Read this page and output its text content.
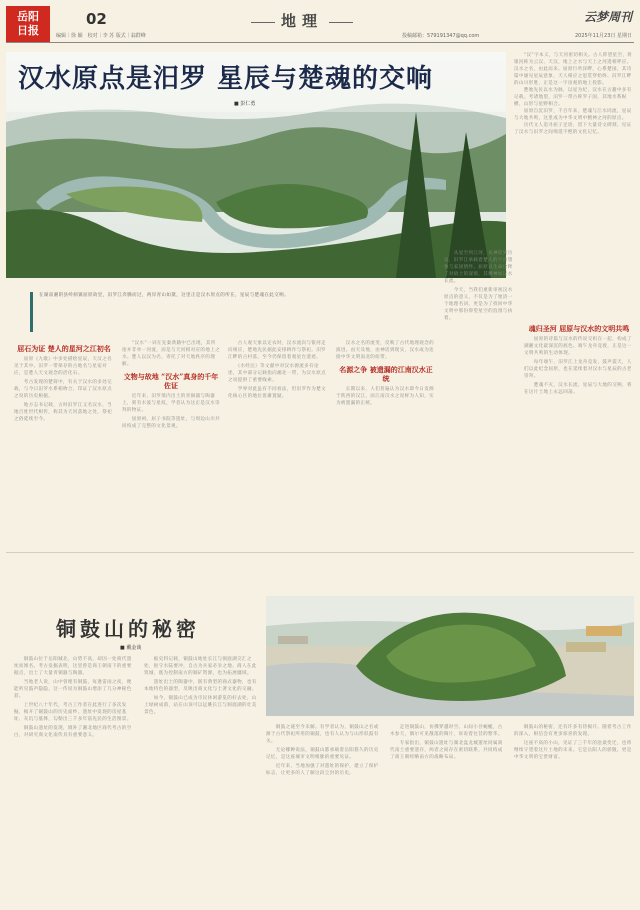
岳阳
日报
02
编辑｜徐 颖　校对｜李 苏 版式｜翁群峰
地理	云梦周刊
投稿邮箱：579191347@qq.com	2025年11月23日 星期日
汉水原点是汨罗 星辰与楚魂的交响
■ 彭仁勇
　　“汉”字本义，与天河密切相关。古人仰望星空，将银河称为云汉、天汉，地上之水与天上之河遥相呼应。汉水之名，由此而来。屈原行吟泽畔，心系楚国，其诗篇中屡见星辰意象，天人相应之思贯穿始终。汨罗江畔的山川形胜，正是这一宇宙观的地上投影。
　　楚地先民以水为脉，以星为纪，汉水在古籍中多有记载。考诸地望，汨罗一带古称罗子国，其地水系纵横，山形与星野相合。
　　屈原自沉汨罗，千百年来，楚魂与江水同流，星辰与大地共鸣，这里成为中华文明中精神之河的原点。
　　历代文人追寻屈子足迹，留下大量诗文碑刻，见证了汉水与汨罗之间绵延不绝的文化记忆。
在湖南湘阴县岭洞镇屈原故里，汨罗江奔腾而过，两岸青山如黛，这里正是汉水原点的所在，星辰与楚魂在此交响。
屈石为证 楚人的星河之江初名
　　屈原《九歌》中多处描绘星辰，天汉之名见于其中。汨罗一带保存的古地名与星宿对应，是楚人天文观念的活化石。
　　考古发现的楚简中，有关于汉水的多处记载，与今日汨罗水系相吻合，印证了汉水原点之说的历史根据。
　　地方志书记载，古时汨罗江又名汉水，当地百姓世代相传，称其为天河落地之处，祭祀之俗延续至今。
　　“汉水”一词在先秦典籍中已出现，其所指并非单一河流，而是与天河相对应的地上之水。楚人以汉为名，寄托了对天地秩序的理解。
文物与故地 “汉水”真身的千年佐证
　　近年来，汨罗境内出土的青铜器与陶器上，刻有水波与星纹，学者认为这正是汉水崇拜的物证。
　　屈原祠、屈子书院等遗址，与周边山川共同构成了完整的文化景观。
　　古人观天象以定农时，汉水流向与银河走向相应，楚地先民据此安排耕作与祭祀。汨罗江畔的古村落，至今仍保留着观星台遗迹。
　　《水经注》等文献中对汉水源流多有论述，其中部分记载指向湘北一带，为汉水原点之说提供了重要线索。
　　学界对此虽有不同看法，但汨罗作为楚文化核心区的地位毋庸置疑。
　　汉水之名的流变，反映了古代地理观念的演进。由天及地，由神话到现实，汉水成为连接中华文明南北的纽带。
名源之争 被遗漏的江南汉水正统
　　长期以来，人们普遍认为汉水即今日发源于陕西的汉江，而江南汉水之说鲜为人知，实为被遗漏的正统。
　　从星空到江河，从神话到历史，汨罗江承载着楚人的宇宙想象与家国情怀。屈原以生命诠释了对故土的深情，其精神如汉水长流。
　　今天，当我们重新审视汉水原点的意义，不仅是为了厘清一个地理名词，更是为了找回中华文明中那份仰望星空的浪漫与执着。
魂归圣河 屈原与汉水的文明共鸣
　　屈原的诗篇与汉水的传说交织在一起，构成了湖湘文化最深沉的底色。端午龙舟竞渡，正是这一文明共鸣的生动体现。
　　每年端午，汨罗江上龙舟竞发，鼓声震天，人们以此纪念屈原，也在延续着对汉水与星辰的古老崇拜。
　　楚魂不灭，汉水长流，星辰与大地的交响，将在这片土地上永远回荡。
铜鼓山的秘密
■ 戴金谈
　　铜鼓山位于岳阳城北，山势不高，却因一处商代遗址而闻名。考古发掘表明，这里曾是商王朝南下的重要据点，出土了大量青铜器与陶器。
　　当地老人说，山中曾埋有铜鼓，每逢雷雨之夜，便能听见鼓声隐隐。这一传说为铜鼓山增添了几分神秘色彩。
　　上世纪八十年代，考古工作者在此进行了多次发掘，揭开了铜鼓山的历史面纱。遗址中发现的房屋基址、灰坑与墓葬，勾勒出三千多年前先民的生活图景。
　　铜鼓山遗址的发现，填补了湘北地区商代考古的空白，对研究商文化南传具有重要意义。
　　据史料记载，铜鼓山地处长江与洞庭湖交汇之处，扼守水陆要冲，自古为兵家必争之地。商人在此筑城，既为控制南方的铜矿资源，也为拓展疆域。
　　遗址出土的陶器中，既有典型的商式器物，也有本地特色的器型，反映出商文化与土著文化的交融。
　　如今，铜鼓山已成为市民休闲游览的好去处，山上绿树成荫，站在山顶可以远眺长江与洞庭湖的壮美景色。
　　铜鼓之谜至今未解。有学者认为，铜鼓山之名或源于古代祭祀所用的铜鼓，也有人认为与山形似鼓有关。
　　无论哪种说法，铜鼓山都承载着岳阳悠久的历史记忆，是这座城市文明根脉的重要见证。
　　近年来，当地加强了对遗址的保护，建立了保护标志，让更多的人了解这段尘封的历史。
　　走进铜鼓山，仿佛穿越时空。山间小径蜿蜒，古木参天，偶尔可见散落的陶片，诉说着往昔的繁华。
　　专家指出，铜鼓山遗址与湖北盘龙城遗址同属商代南土重要遗存，两者之间存在密切联系，共同构成了商王朝经略南方的战略布局。
　　铜鼓山的秘密，还有许多有待揭开。随着考古工作的深入，相信会有更多惊喜的发现。
　　这座不高的小山，见证了三千年的沧桑变迁，也将继续守望着这片土地的未来。它是岳阳人的骄傲，更是中华文明的宝贵财富。
